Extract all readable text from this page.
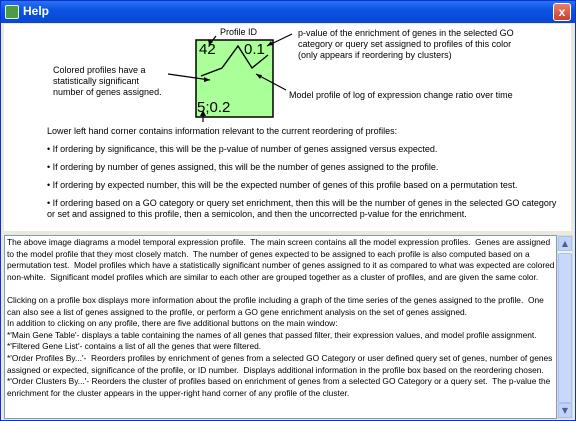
Help	x
42 0.1
5;0.2
Profile ID	p-value of the enrichment of genes in the selected GO category or query set assigned to profiles of this color (only appears if reordering by clusters)
Colored profiles have a statistically significant number of genes assigned.	Model profile of log of expression change ratio over time

Lower left hand corner contains information relevant to the current reordering of profiles:

• If ordering by significance, this will be the p-value of number of genes assigned versus expected.

• If ordering by number of genes assigned, this will be the number of genes assigned to the profile.

• If ordering by expected number, this will be the expected number of genes of this profile based on a permutation test.

• If ordering based on a GO category or query set enrichment, then this will be the number of genes in the selected GO category or set and assigned to this profile, then a semicolon, and then the uncorrected p-value for the enrichment.

The above image diagrams a model temporal expression profile.  The main screen contains all the model expression profiles.  Genes are assigned to the model profile that they most closely match.  The number of genes expected to be assigned to each profile is also computed based on a permutation test.  Model profiles which have a statistically significant number of genes assigned to it as compared to what was expected are colored non-white.  Significant model profiles which are similar to each other are grouped together as a cluster of profiles, and are given the same color.

Clicking on a profile box displays more information about the profile including a graph of the time series of the genes assigned to the profile.  One can also see a list of genes assigned to the profile, or perform a GO gene enrichment analysis on the set of genes assigned.
In addition to clicking on any profile, there are five additional buttons on the main window:
*'Main Gene Table'- displays a table containing the names of all genes that passed filter, their expression values, and model profile assignment.
*'Filtered Gene List'- contains a list of all the genes that were filtered.
*'Order Profiles By...'-  Reorders profiles by enrichment of genes from a selected GO Category or user defined query set of genes, number of genes assigned or expected, significance of the profile, or ID number.  Displays additional information in the profile box based on the reordering chosen.
*'Order Clusters By...'- Reorders the cluster of profiles based on enrichment of genes from a selected GO Category or a query set.  The p-value the enrichment for the cluster appears in the upper-right hand corner of any profile of the cluster.
▲
▼
